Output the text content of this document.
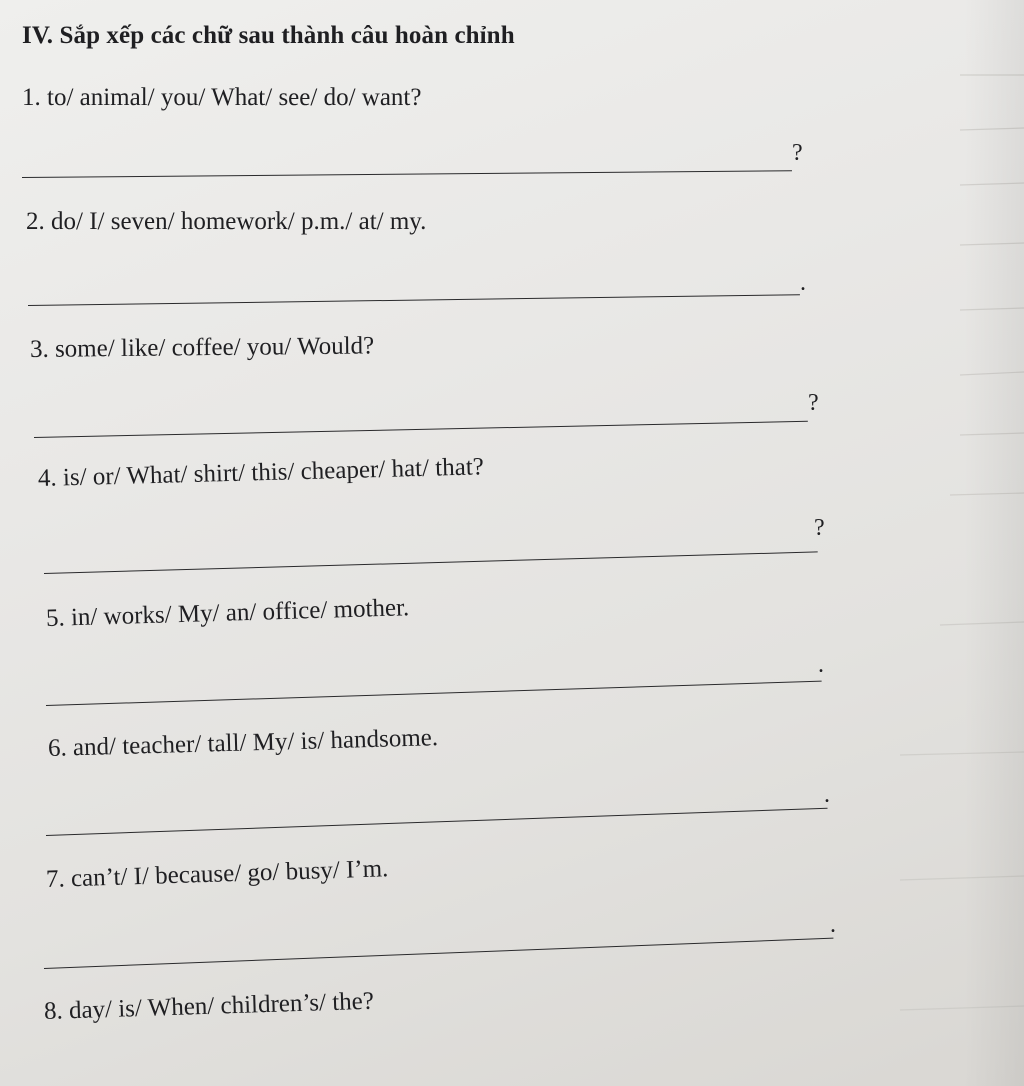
IV. Sắp xếp các chữ sau thành câu hoàn chỉnh
1. to/ animal/ you/ What/ see/ do/ want?
?
2. do/ I/ seven/ homework/ p.m./ at/ my.
.
3. some/ like/ coffee/ you/ Would?
?
4. is/ or/ What/ shirt/ this/ cheaper/ hat/ that?
?
5. in/ works/ My/ an/ office/ mother.
.
6. and/ teacher/ tall/ My/ is/ handsome.
.
7. can’t/ I/ because/ go/ busy/ I’m.
.
8. day/ is/ When/ children’s/ the?
